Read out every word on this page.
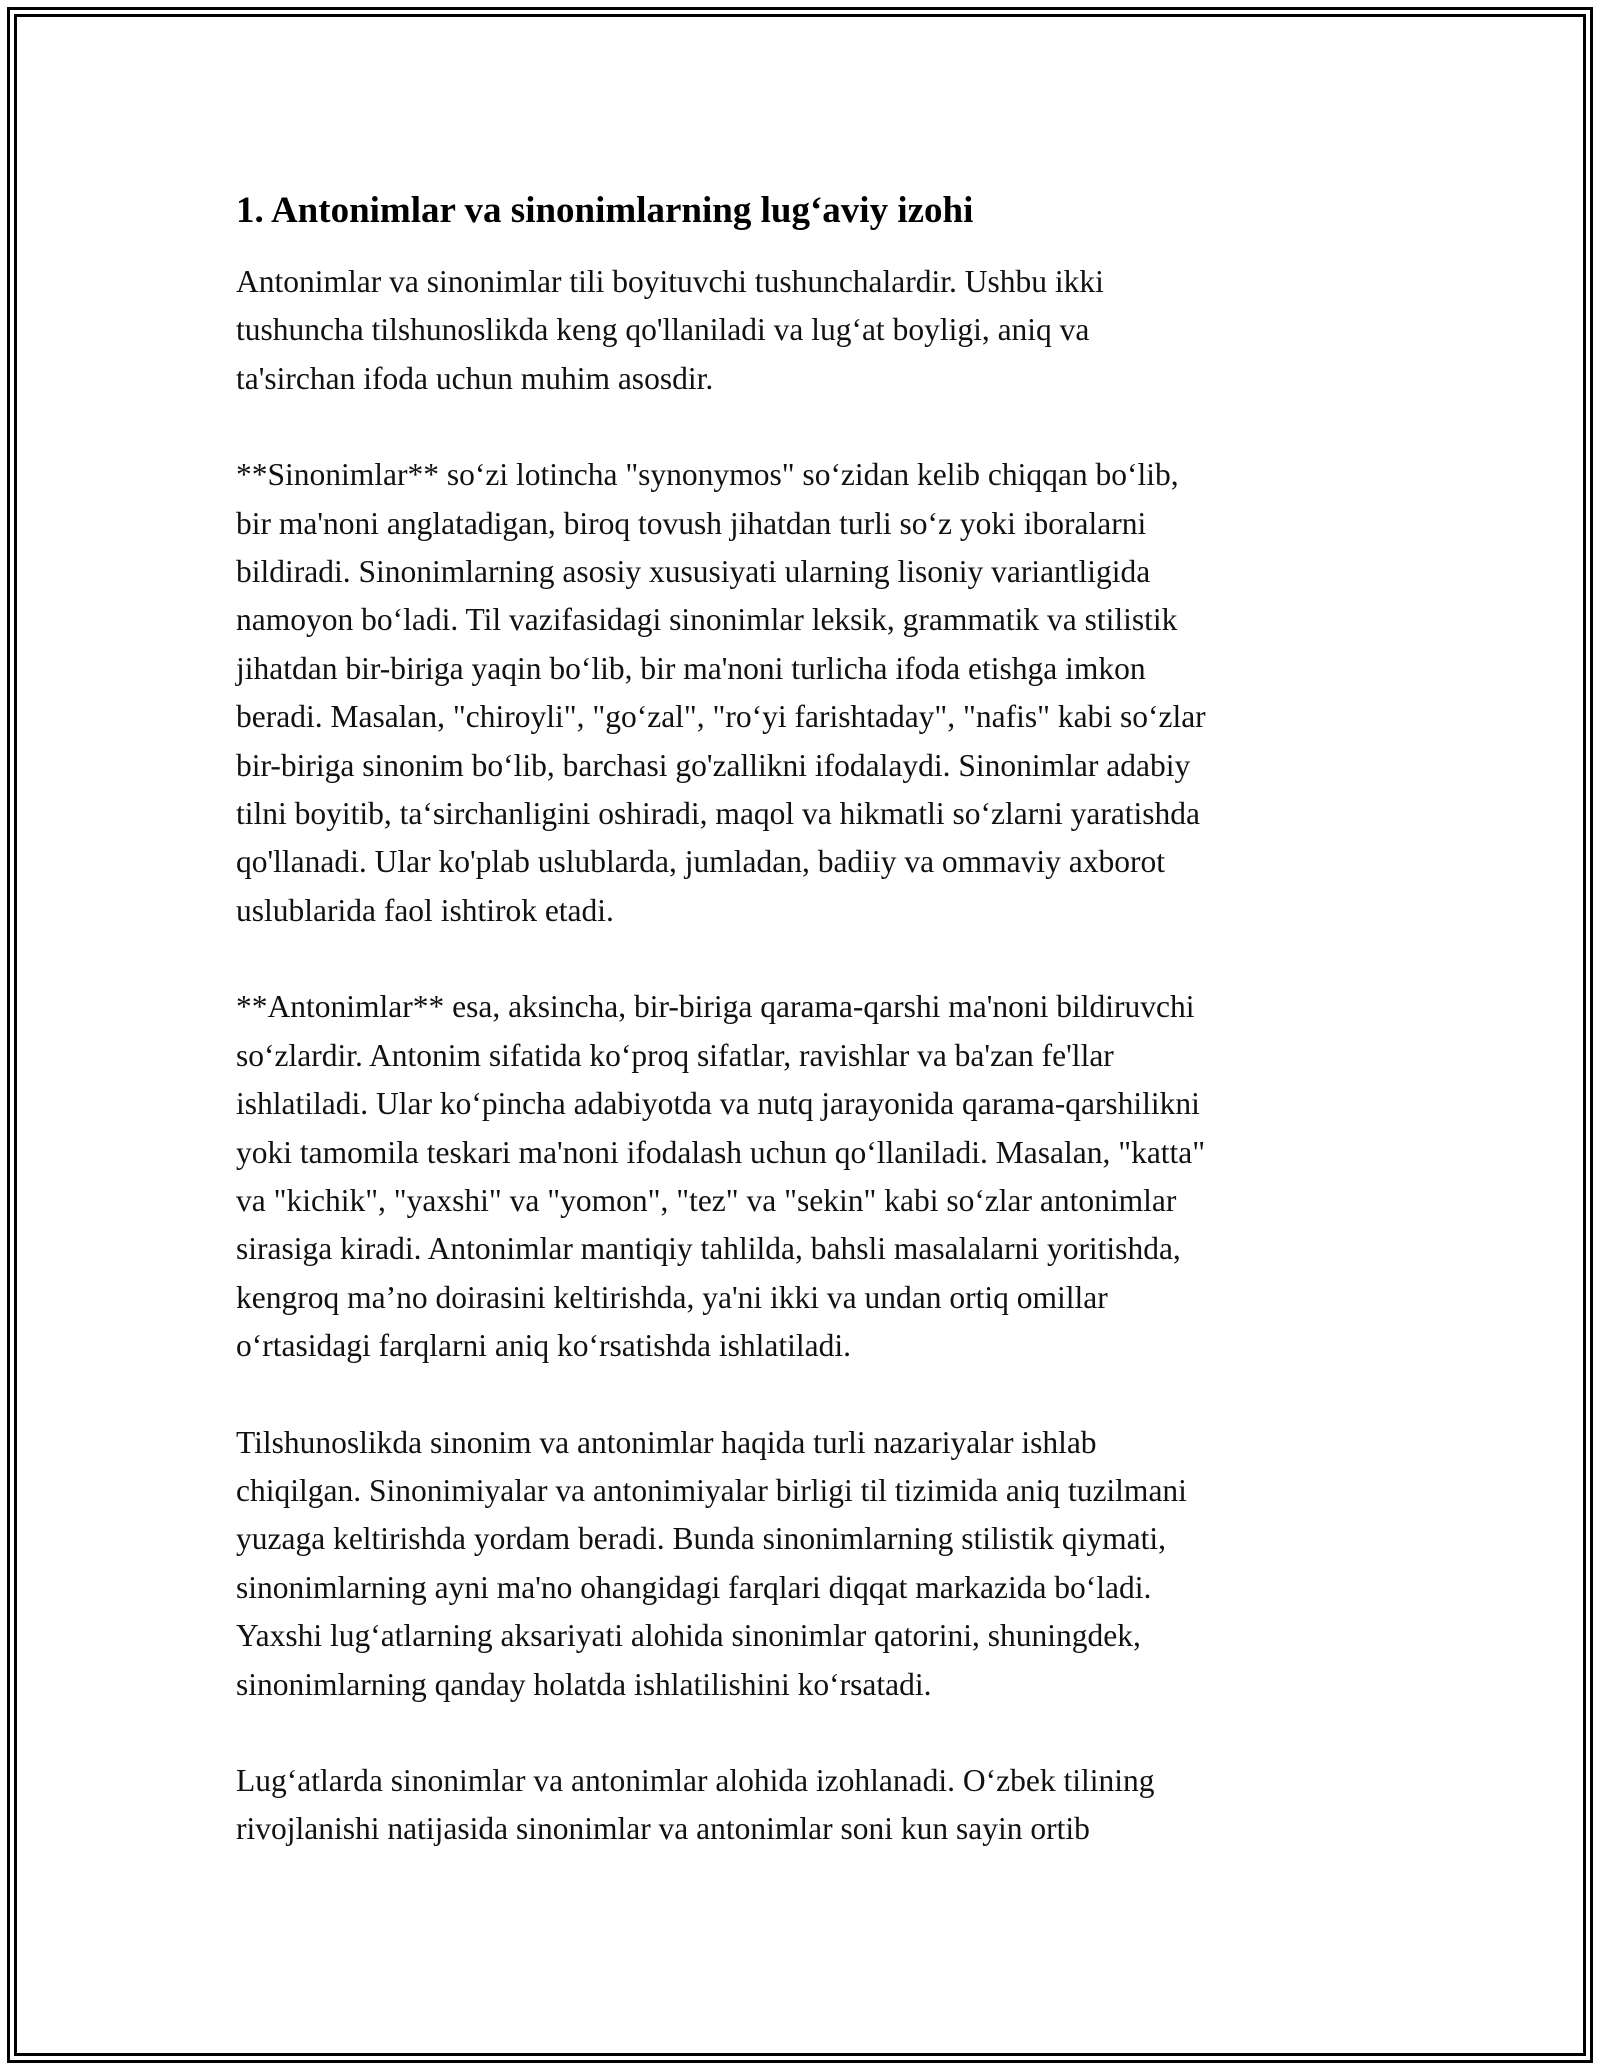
1. Antonimlar va sinonimlarning lug‘aviy izohi

Antonimlar va sinonimlar tili boyituvchi tushunchalardir. Ushbu ikki
tushuncha tilshunoslikda keng qo'llaniladi va lug‘at boyligi, aniq va
ta'sirchan ifoda uchun muhim asosdir.

**Sinonimlar** so‘zi lotincha "synonymos" so‘zidan kelib chiqqan bo‘lib,
bir ma'noni anglatadigan, biroq tovush jihatdan turli so‘z yoki iboralarni
bildiradi. Sinonimlarning asosiy xususiyati ularning lisoniy variantligida
namoyon bo‘ladi. Til vazifasidagi sinonimlar leksik, grammatik va stilistik
jihatdan bir-biriga yaqin bo‘lib, bir ma'noni turlicha ifoda etishga imkon
beradi. Masalan, "chiroyli", "go‘zal", "ro‘yi farishtaday", "nafis" kabi so‘zlar
bir-biriga sinonim bo‘lib, barchasi go'zallikni ifodalaydi. Sinonimlar adabiy
tilni boyitib, ta‘sirchanligini oshiradi, maqol va hikmatli so‘zlarni yaratishda
qo'llanadi. Ular ko'plab uslublarda, jumladan, badiiy va ommaviy axborot
uslublarida faol ishtirok etadi.

**Antonimlar** esa, aksincha, bir-biriga qarama-qarshi ma'noni bildiruvchi
so‘zlardir. Antonim sifatida ko‘proq sifatlar, ravishlar va ba'zan fe'llar
ishlatiladi. Ular ko‘pincha adabiyotda va nutq jarayonida qarama-qarshilikni
yoki tamomila teskari ma'noni ifodalash uchun qo‘llaniladi. Masalan, "katta"
va "kichik", "yaxshi" va "yomon", "tez" va "sekin" kabi so‘zlar antonimlar
sirasiga kiradi. Antonimlar mantiqiy tahlilda, bahsli masalalarni yoritishda,
kengroq ma’no doirasini keltirishda, ya'ni ikki va undan ortiq omillar
o‘rtasidagi farqlarni aniq ko‘rsatishda ishlatiladi.

Tilshunoslikda sinonim va antonimlar haqida turli nazariyalar ishlab
chiqilgan. Sinonimiyalar va antonimiyalar birligi til tizimida aniq tuzilmani
yuzaga keltirishda yordam beradi. Bunda sinonimlarning stilistik qiymati,
sinonimlarning ayni ma'no ohangidagi farqlari diqqat markazida bo‘ladi.
Yaxshi lug‘atlarning aksariyati alohida sinonimlar qatorini, shuningdek,
sinonimlarning qanday holatda ishlatilishini ko‘rsatadi.

Lug‘atlarda sinonimlar va antonimlar alohida izohlanadi. O‘zbek tilining
rivojlanishi natijasida sinonimlar va antonimlar soni kun sayin ortib
